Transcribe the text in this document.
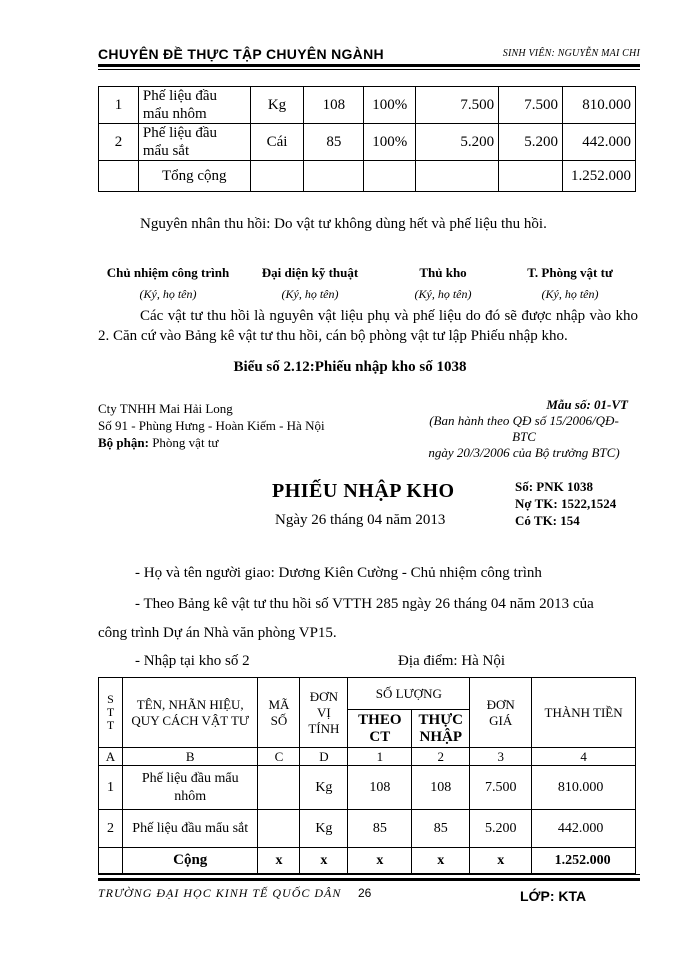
CHUYÊN ĐỀ THỰC TẬP CHUYÊN NGÀNH	SINH VIÊN: NGUYỄN MAI CHI
1	Phế liệu đầu mẩu nhôm	Kg	108	100%	7.500	7.500	810.000
2	Phế liệu đầu mẩu sắt	Cái	85	100%	5.200	5.200	442.000
	Tổng cộng						1.252.000
Nguyên nhân thu hồi: Do vật tư không dùng hết và phế liệu thu hồi.
Chủ nhiệm công trình	Đại diện kỹ thuật	Thủ kho	T. Phòng vật tư
(Ký, họ tên)	(Ký, họ tên)	(Ký, họ tên)	(Ký, họ tên)
Các vật tư thu hồi là nguyên vật liệu phụ và phế liệu do đó sẽ được nhập vào kho 2. Căn cứ vào Bảng kê vật tư thu hồi, cán bộ phòng vật tư lập Phiếu nhập kho.
Biểu số 2.12:Phiếu nhập kho số 1038
Cty TNHH Mai Hải Long
Số 91 - Phùng Hưng - Hoàn Kiếm - Hà Nội
Bộ phận: Phòng vật tư
Mẫu số: 01-VT
(Ban hành theo QĐ số 15/2006/QĐ-BTC
ngày 20/3/2006 của Bộ trưởng BTC)
PHIẾU NHẬP KHO
Ngày 26 tháng 04 năm 2013
Số: PNK 1038
Nợ TK: 1522,1524
Có TK: 154
- Họ và tên người giao: Dương Kiên Cường - Chủ nhiệm công trình
- Theo Bảng kê vật tư thu hồi số VTTH 285 ngày 26 tháng 04 năm 2013 của
công trình Dự án Nhà văn phòng VP15.
- Nhập tại kho số 2	Địa điểm: Hà Nội
S
T
T	TÊN, NHÃN HIỆU, QUY CÁCH VẬT TƯ	MÃ SỐ	ĐƠN VỊ TÍNH	SỐ LƯỢNG		ĐƠN GIÁ	THÀNH TIỀN
				THEO CT	THỰC NHẬP		
A	B	C	D	1	2	3	4
1	Phế liệu đầu mẩu nhôm		Kg	108	108	7.500	810.000
2	Phế liệu đầu mẩu sắt		Kg	85	85	5.200	442.000
	Cộng	x	x	x	x	x	1.252.000
TRƯỜNG ĐẠI HỌC KINH TẾ QUỐC DÂN 26	LỚP: KTA
